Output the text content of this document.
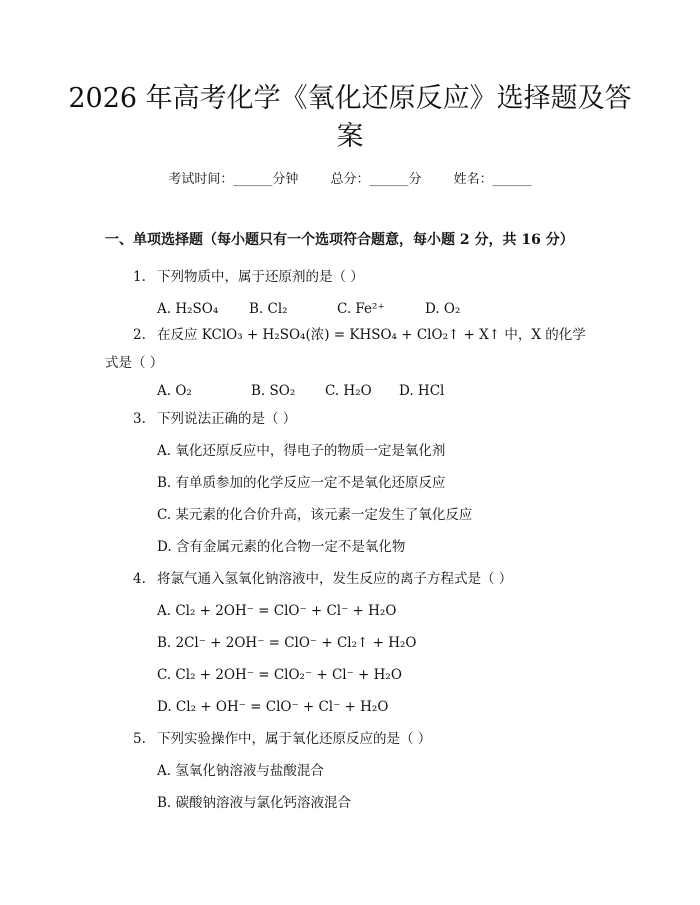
2026 年高考化学《氧化还原反应》选择题及答案
考试时间：______分钟 总分：______分 姓名：______
一、单项选择题（每小题只有一个选项符合题意，每小题 2 分，共 16 分）
1. 下列物质中，属于还原剂的是（ ）
A. H₂SO₄ B. Cl₂	C. Fe²⁺	D. O₂
2. 在反应 KClO₃ + H₂SO₄(浓) = KHSO₄ + ClO₂↑ + X↑ 中，X 的化学式是（ ）
A. O₂	B. SO₂ C. H₂O D. HCl
3. 下列说法正确的是（ ）
A. 氧化还原反应中，得电子的物质一定是氧化剂
B. 有单质参加的化学反应一定不是氧化还原反应
C. 某元素的化合价升高，该元素一定发生了氧化反应
D. 含有金属元素的化合物一定不是氧化物
4. 将氯气通入氢氧化钠溶液中，发生反应的离子方程式是（ ）
A. Cl₂ + 2OH⁻ = ClO⁻ + Cl⁻ + H₂O
B. 2Cl⁻ + 2OH⁻ = ClO⁻ + Cl₂↑ + H₂O
C. Cl₂ + 2OH⁻ = ClO₂⁻ + Cl⁻ + H₂O
D. Cl₂ + OH⁻ = ClO⁻ + Cl⁻ + H₂O
5. 下列实验操作中，属于氧化还原反应的是（ ）
A. 氢氧化钠溶液与盐酸混合
B. 碳酸钠溶液与氯化钙溶液混合
